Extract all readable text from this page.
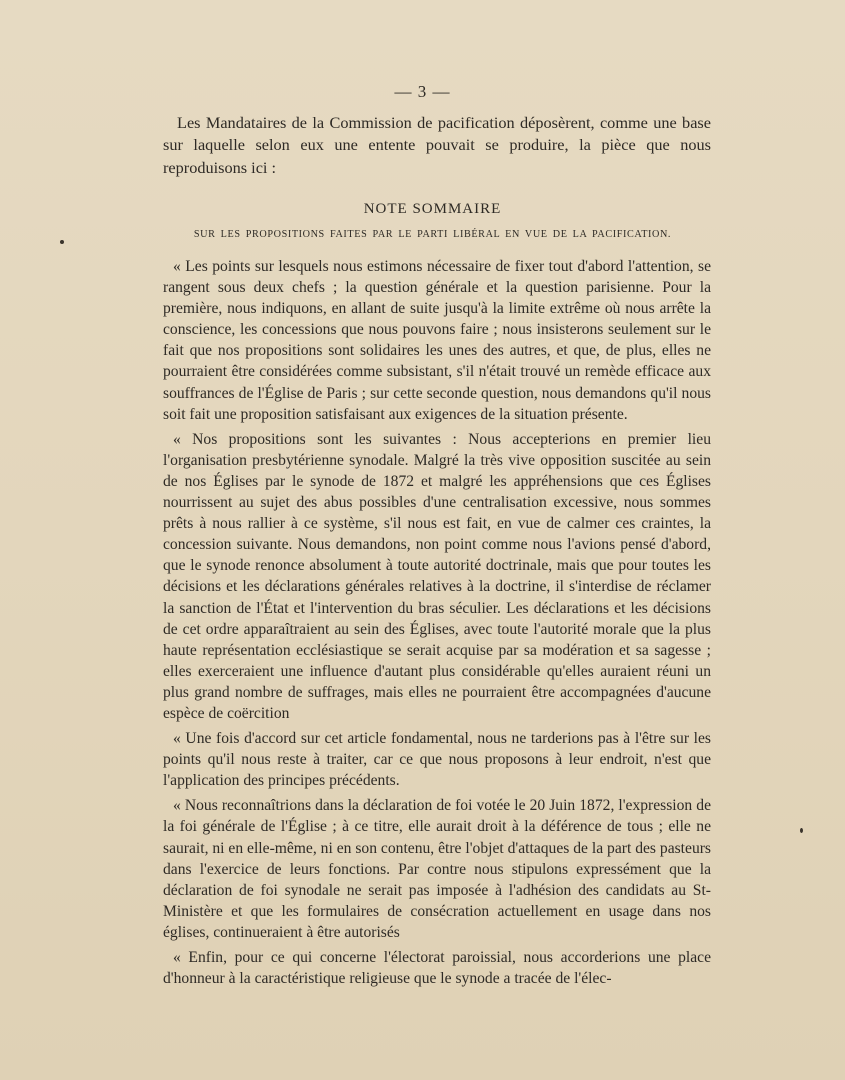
— 3 —

Les Mandataires de la Commission de pacification déposèrent, comme une base sur laquelle selon eux une entente pouvait se produire, la pièce que nous reproduisons ici :

NOTE SOMMAIRE
SUR LES PROPOSITIONS FAITES PAR LE PARTI LIBÉRAL EN VUE DE LA PACIFICATION.

« Les points sur lesquels nous estimons nécessaire de fixer tout d'abord l'attention, se rangent sous deux chefs ; la question générale et la question parisienne. Pour la première, nous indiquons, en allant de suite jusqu'à la limite extrême où nous arrête la conscience, les concessions que nous pouvons faire ; nous insisterons seulement sur le fait que nos propositions sont solidaires les unes des autres, et que, de plus, elles ne pourraient être considérées comme subsistant, s'il n'était trouvé un remède efficace aux souffrances de l'Église de Paris ; sur cette seconde question, nous demandons qu'il nous soit fait une proposition satisfaisant aux exigences de la situation présente.

« Nos propositions sont les suivantes : Nous accepterions en premier lieu l'organisation presbytérienne synodale. Malgré la très vive opposition suscitée au sein de nos Églises par le synode de 1872 et malgré les appréhensions que ces Églises nourrissent au sujet des abus possibles d'une centralisation excessive, nous sommes prêts à nous rallier à ce système, s'il nous est fait, en vue de calmer ces craintes, la concession suivante. Nous demandons, non point comme nous l'avions pensé d'abord, que le synode renonce absolument à toute autorité doctrinale, mais que pour toutes les décisions et les déclarations générales relatives à la doctrine, il s'interdise de réclamer la sanction de l'État et l'intervention du bras séculier. Les déclarations et les décisions de cet ordre apparaîtraient au sein des Églises, avec toute l'autorité morale que la plus haute représentation ecclésiastique se serait acquise par sa modération et sa sagesse ; elles exerceraient une influence d'autant plus considérable qu'elles auraient réuni un plus grand nombre de suffrages, mais elles ne pourraient être accompagnées d'aucune espèce de coërcition

« Une fois d'accord sur cet article fondamental, nous ne tarderions pas à l'être sur les points qu'il nous reste à traiter, car ce que nous proposons à leur endroit, n'est que l'application des principes précédents.

« Nous reconnaîtrions dans la déclaration de foi votée le 20 Juin 1872, l'expression de la foi générale de l'Église ; à ce titre, elle aurait droit à la déférence de tous ; elle ne saurait, ni en elle-même, ni en son contenu, être l'objet d'attaques de la part des pasteurs dans l'exercice de leurs fonctions. Par contre nous stipulons expressément que la déclaration de foi synodale ne serait pas imposée à l'adhésion des candidats au St-Ministère et que les formulaires de consécration actuellement en usage dans nos églises, continueraient à être autorisés

« Enfin, pour ce qui concerne l'électorat paroissial, nous accorderions une place d'honneur à la caractéristique religieuse que le synode a tracée de l'élec-
